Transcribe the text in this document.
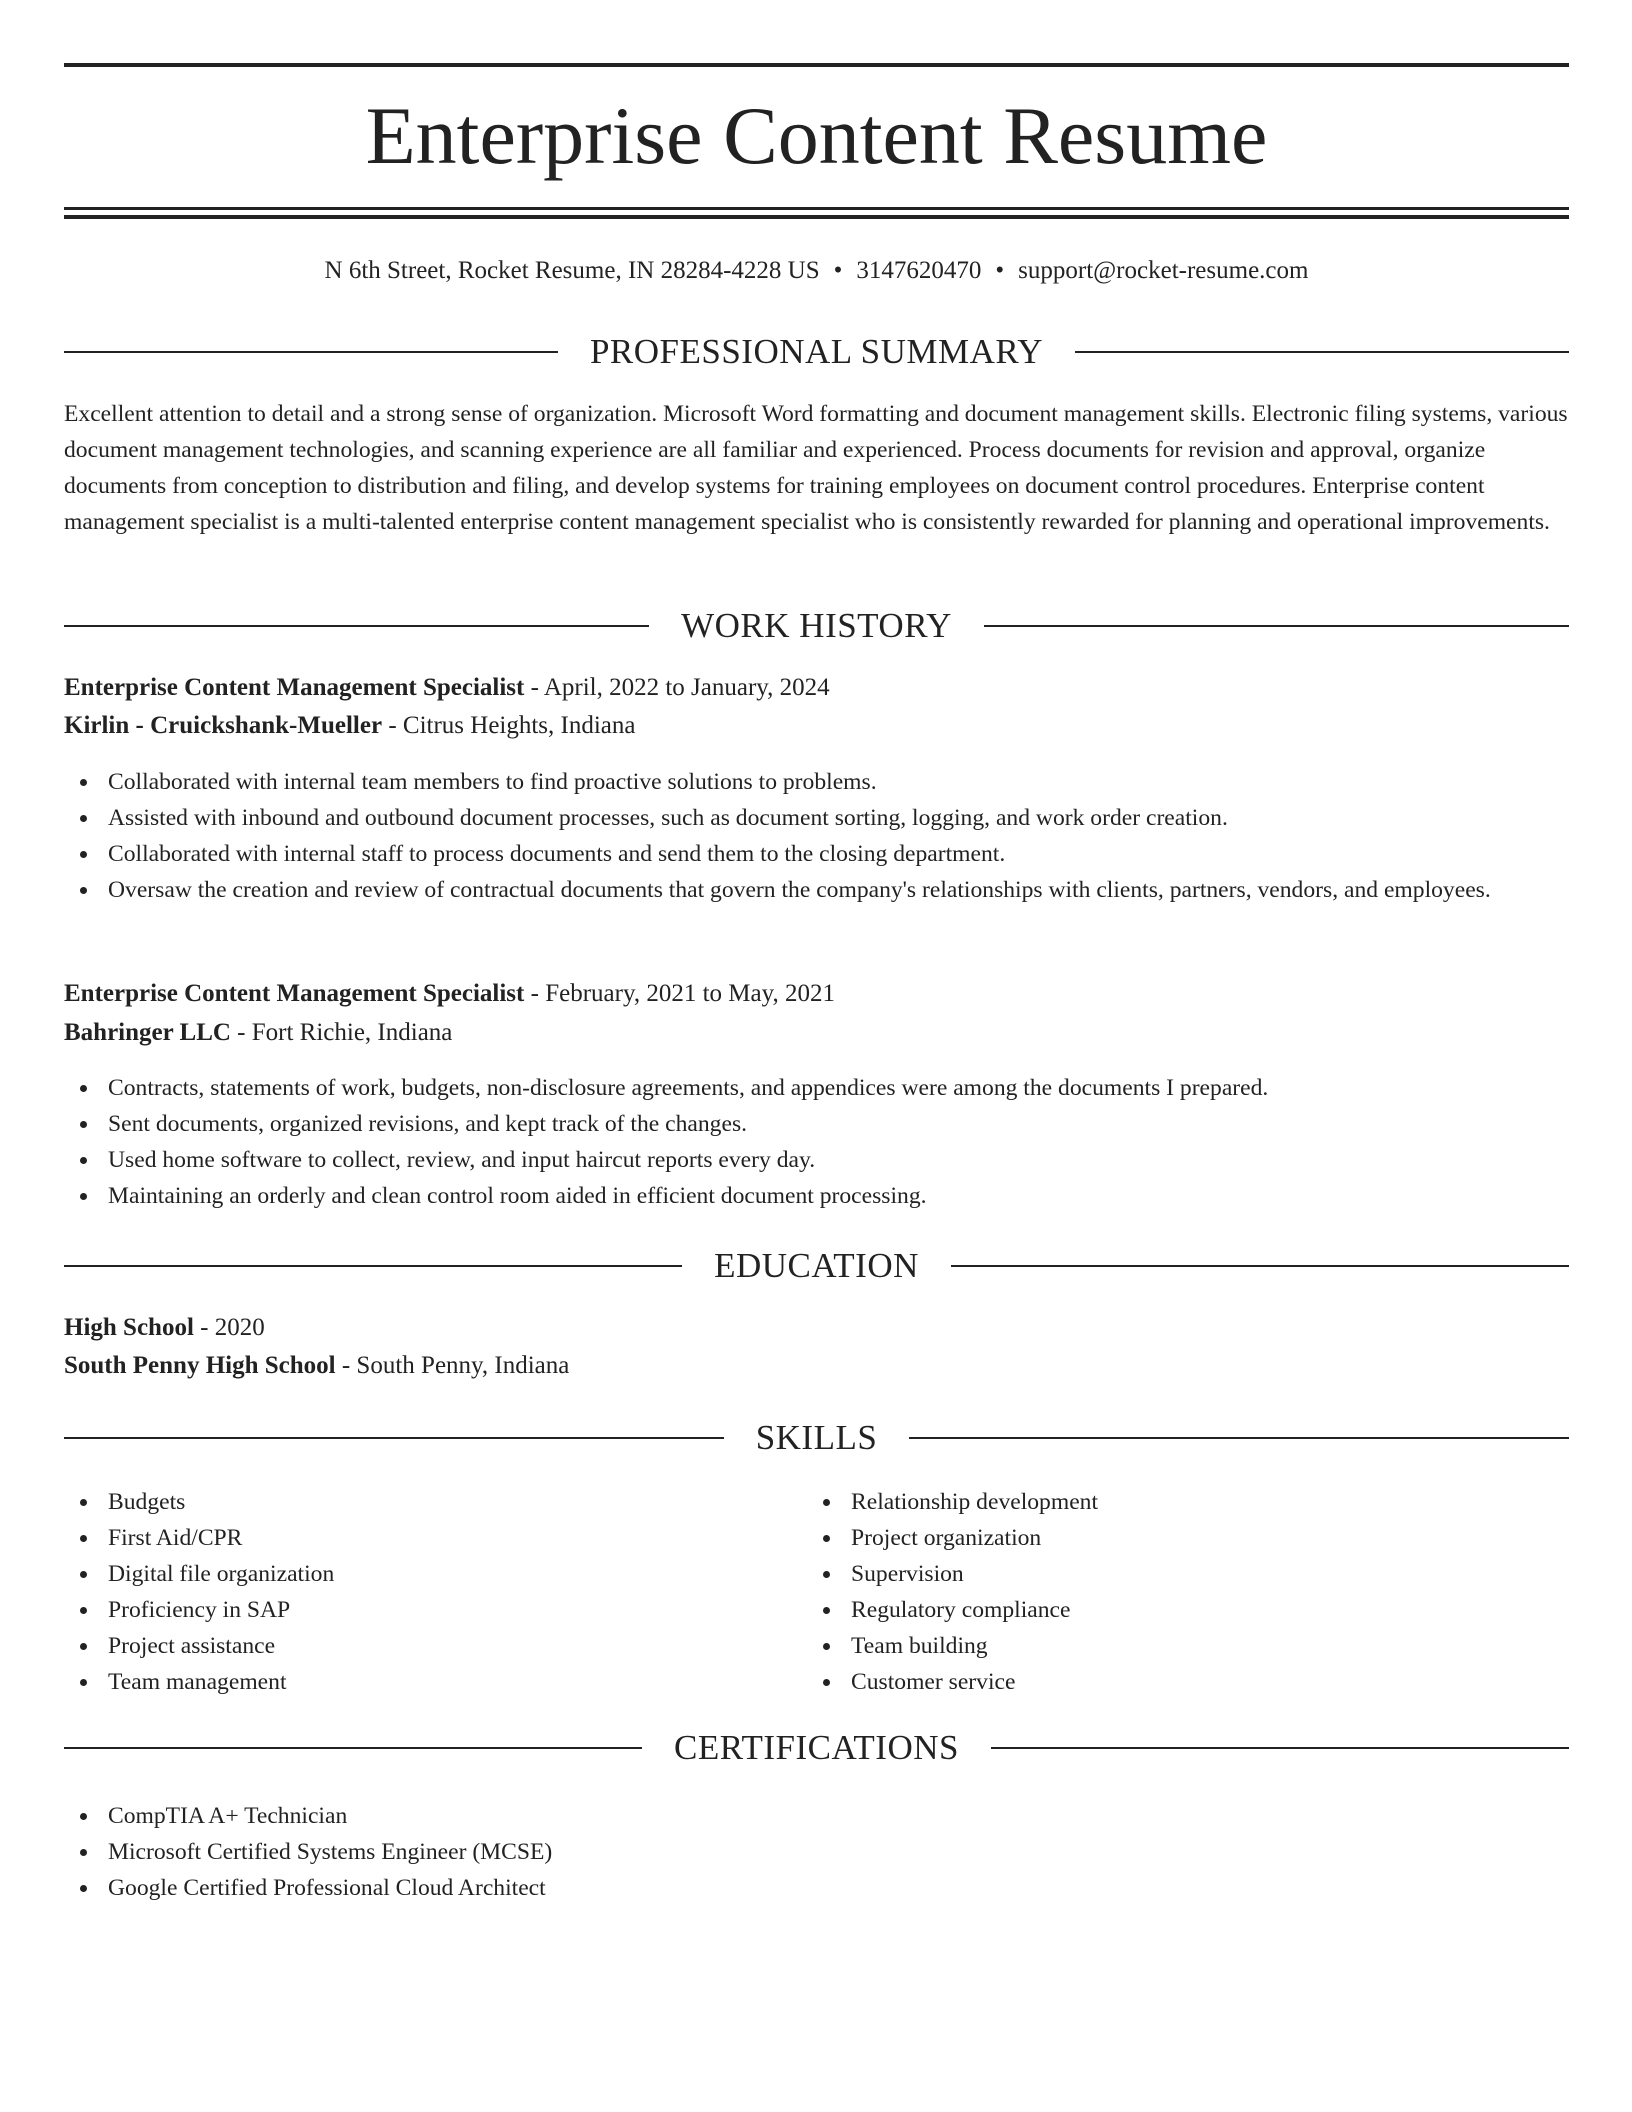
Enterprise Content Resume
N 6th Street, Rocket Resume, IN 28284-4228 US • 3147620470 • support@rocket-resume.com
PROFESSIONAL SUMMARY
Excellent attention to detail and a strong sense of organization. Microsoft Word formatting and document management skills. Electronic filing systems, various document management technologies, and scanning experience are all familiar and experienced. Process documents for revision and approval, organize documents from conception to distribution and filing, and develop systems for training employees on document control procedures. Enterprise content management specialist is a multi-talented enterprise content management specialist who is consistently rewarded for planning and operational improvements.
WORK HISTORY
Enterprise Content Management Specialist - April, 2022 to January, 2024
Kirlin - Cruickshank-Mueller - Citrus Heights, Indiana
Collaborated with internal team members to find proactive solutions to problems.
Assisted with inbound and outbound document processes, such as document sorting, logging, and work order creation.
Collaborated with internal staff to process documents and send them to the closing department.
Oversaw the creation and review of contractual documents that govern the company's relationships with clients, partners, vendors, and employees.
Enterprise Content Management Specialist - February, 2021 to May, 2021
Bahringer LLC - Fort Richie, Indiana
Contracts, statements of work, budgets, non-disclosure agreements, and appendices were among the documents I prepared.
Sent documents, organized revisions, and kept track of the changes.
Used home software to collect, review, and input haircut reports every day.
Maintaining an orderly and clean control room aided in efficient document processing.
EDUCATION
High School - 2020
South Penny High School - South Penny, Indiana
SKILLS
Budgets
First Aid/CPR
Digital file organization
Proficiency in SAP
Project assistance
Team management
Relationship development
Project organization
Supervision
Regulatory compliance
Team building
Customer service
CERTIFICATIONS
CompTIA A+ Technician
Microsoft Certified Systems Engineer (MCSE)
Google Certified Professional Cloud Architect
